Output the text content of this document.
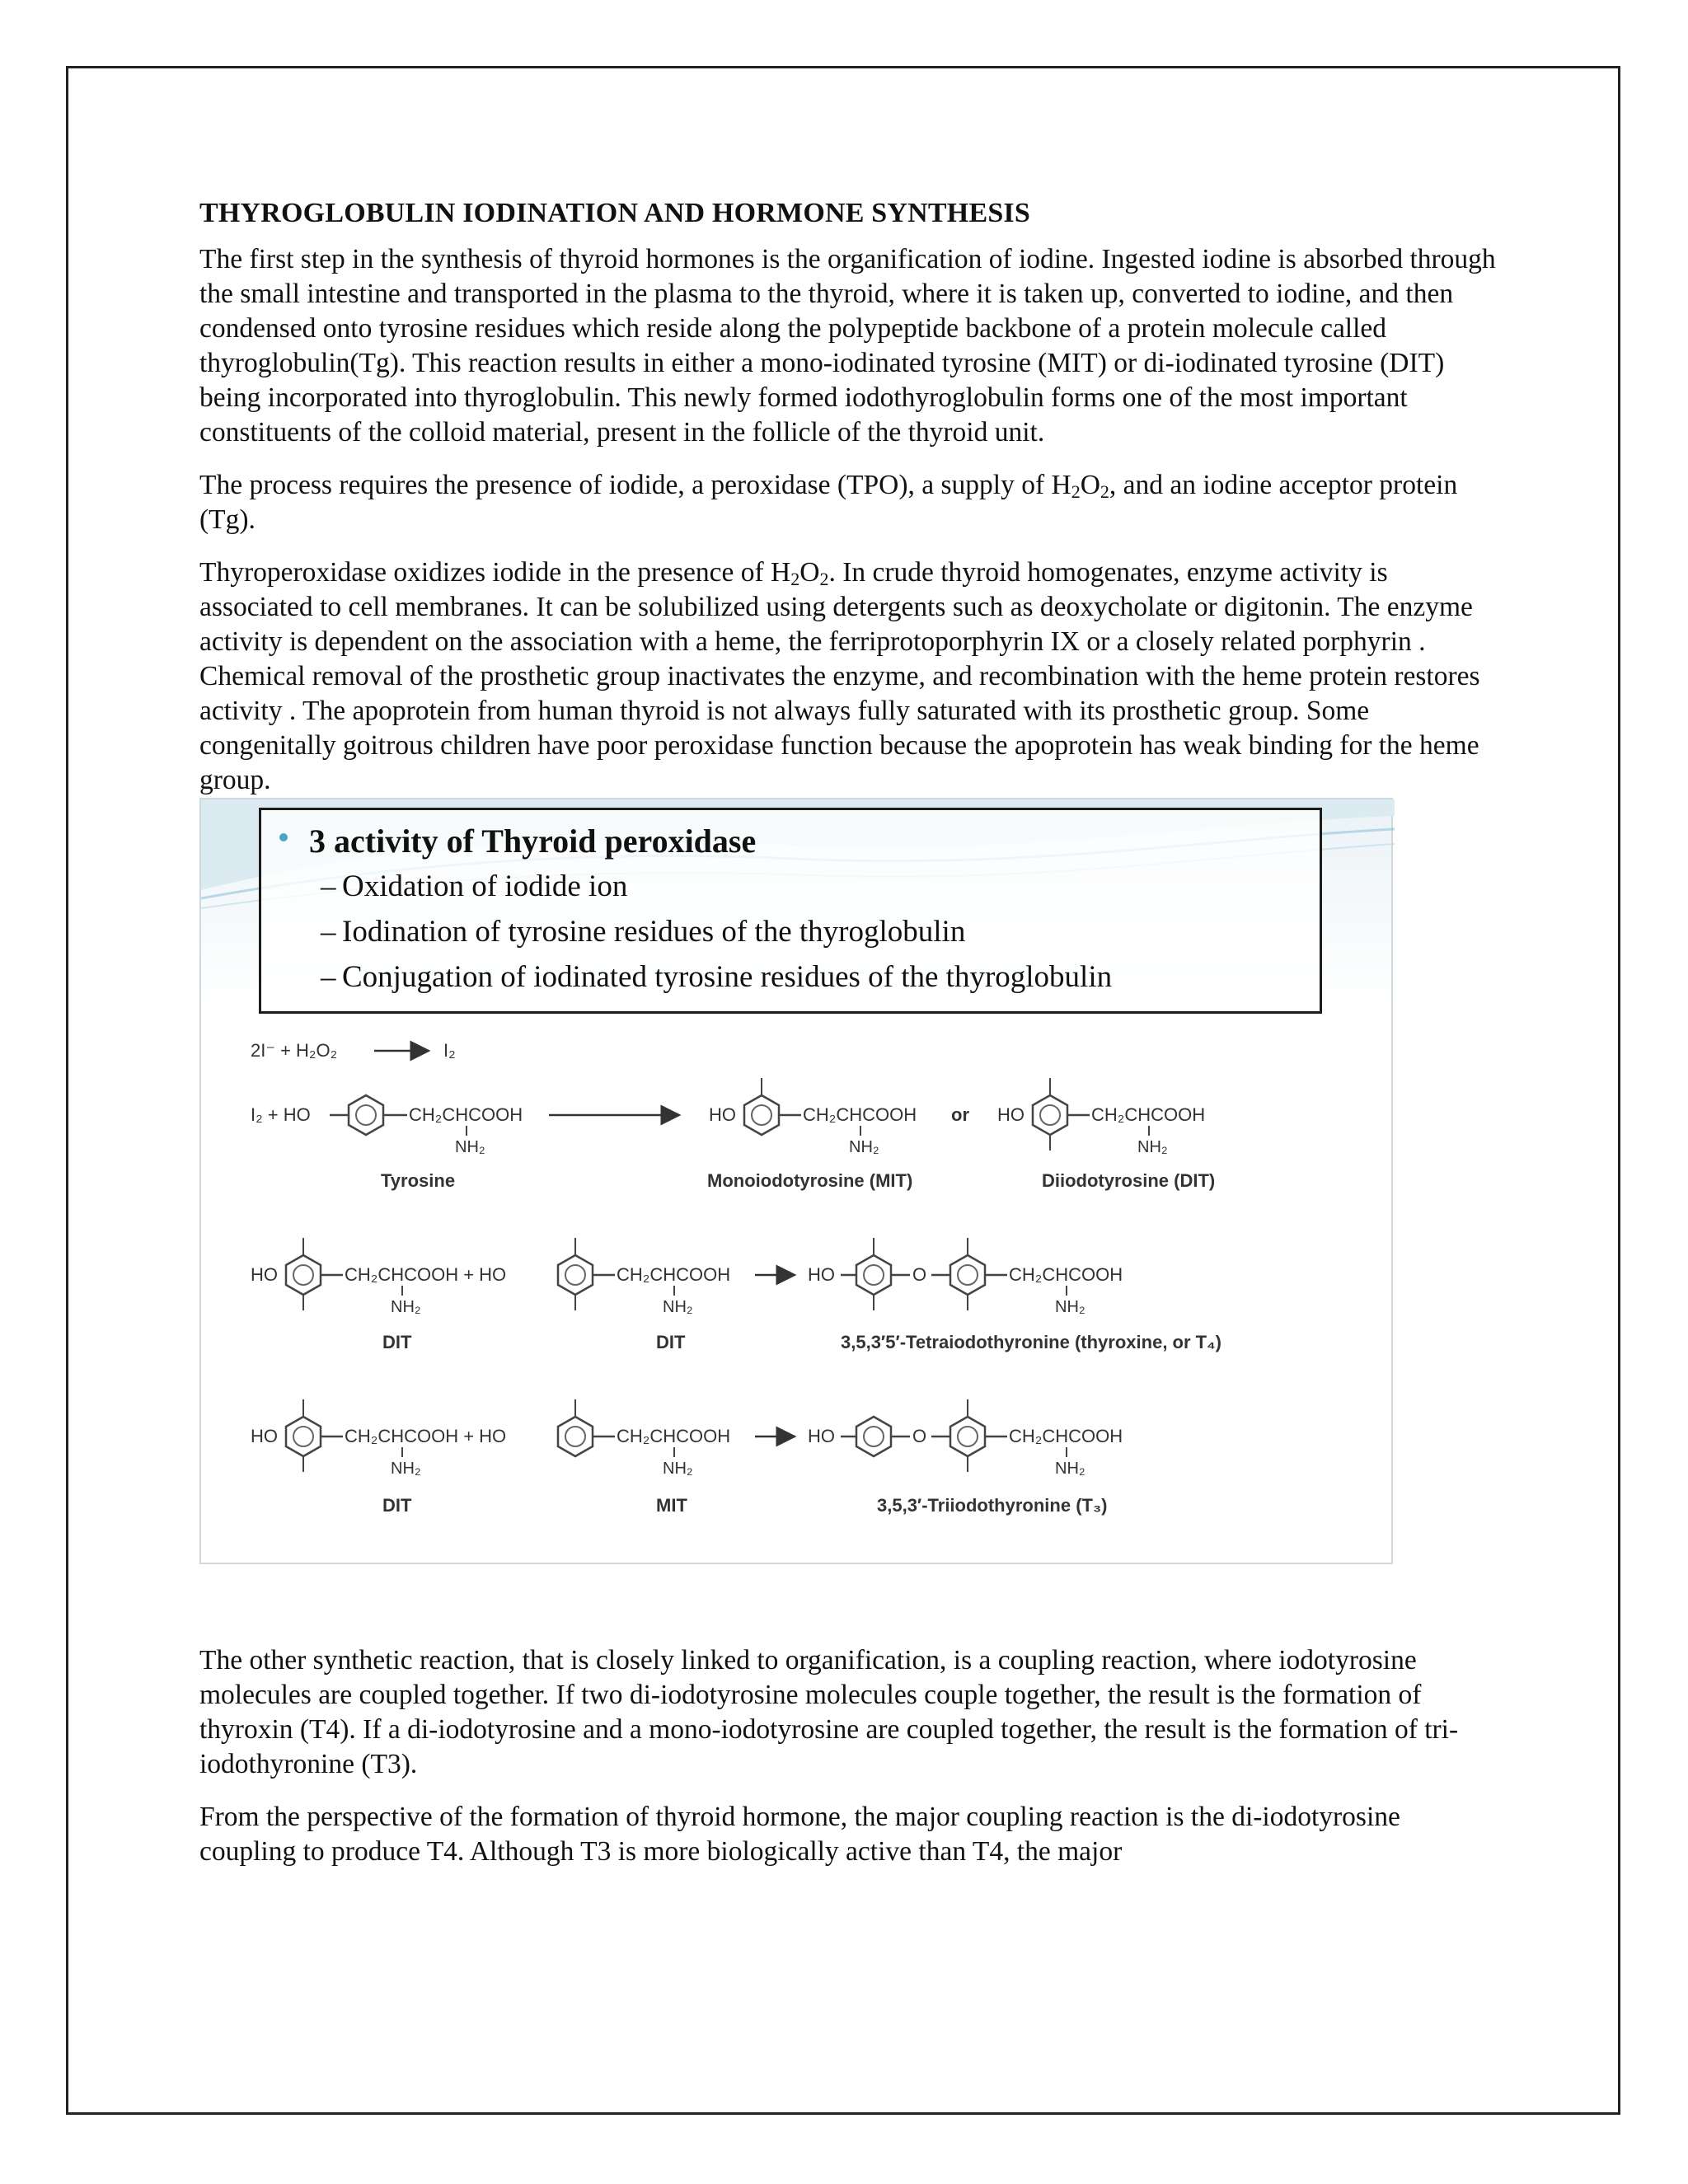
THYROGLOBULIN IODINATION AND HORMONE SYNTHESIS

The first step in the synthesis of thyroid hormones is the organification of iodine. Ingested iodine is absorbed through the small intestine and transported in the plasma to the thyroid, where it is taken up, converted to iodine, and then condensed onto tyrosine residues which reside along the polypeptide backbone of a protein molecule called thyroglobulin(Tg). This reaction results in either a mono-iodinated tyrosine (MIT) or di-iodinated tyrosine (DIT) being incorporated into thyroglobulin. This newly formed iodothyroglobulin forms one of the most important constituents of the colloid material, present in the follicle of the thyroid unit.

The process requires the presence of iodide, a peroxidase (TPO), a supply of $H_2O_2$, and an iodine acceptor protein (Tg).

Thyroperoxidase oxidizes iodide in the presence of $H_2O_2$. In crude thyroid homogenates, enzyme activity is associated to cell membranes. It can be solubilized using detergents such as deoxycholate or digitonin. The enzyme activity is dependent on the association with a heme, the ferriprotoporphyrin IX or a closely related porphyrin . Chemical removal of the prosthetic group inactivates the enzyme, and recombination with the heme protein restores activity . The apoprotein from human thyroid is not always fully saturated with its prosthetic group. Some congenitally goitrous children have poor peroxidase function because the apoprotein has weak binding for the heme group.

3 activity of Thyroid peroxidase
– Oxidation of iodide ion
– Iodination of tyrosine residues of the thyroglobulin
– Conjugation of iodinated tyrosine residues of the thyroglobulin
2I⁻ + H₂O₂	I₂
I₂ + HO	CH₂CHCOOH
NH₂
Tyrosine
HO	CH₂CHCOOH
NH₂
Monoiodotyrosine (MIT)
or HO	CH₂CHCOOH
NH₂
Diiodotyrosine (DIT)
HO	CH₂CHCOOH + HO
NH₂
DIT
CH₂CHCOOH
NH₂
DIT
HO	O	CH₂CHCOOH
NH₂
3,5,3′5′-Tetraiodothyronine (thyroxine, or T₄)
HO	CH₂CHCOOH + HO
NH₂
DIT
CH₂CHCOOH
NH₂
MIT
HO	O	CH₂CHCOOH
NH₂
3,5,3′-Triiodothyronine (T₃)

The other synthetic reaction, that is closely linked to organification, is a coupling reaction, where iodotyrosine molecules are coupled together. If two di-iodotyrosine molecules couple together, the result is the formation of thyroxin (T4). If a di-iodotyrosine and a mono-iodotyrosine are coupled together, the result is the formation of tri-iodothyronine (T3).

From the perspective of the formation of thyroid hormone, the major coupling reaction is the di-iodotyrosine coupling to produce T4. Although T3 is more biologically active than T4, the major
